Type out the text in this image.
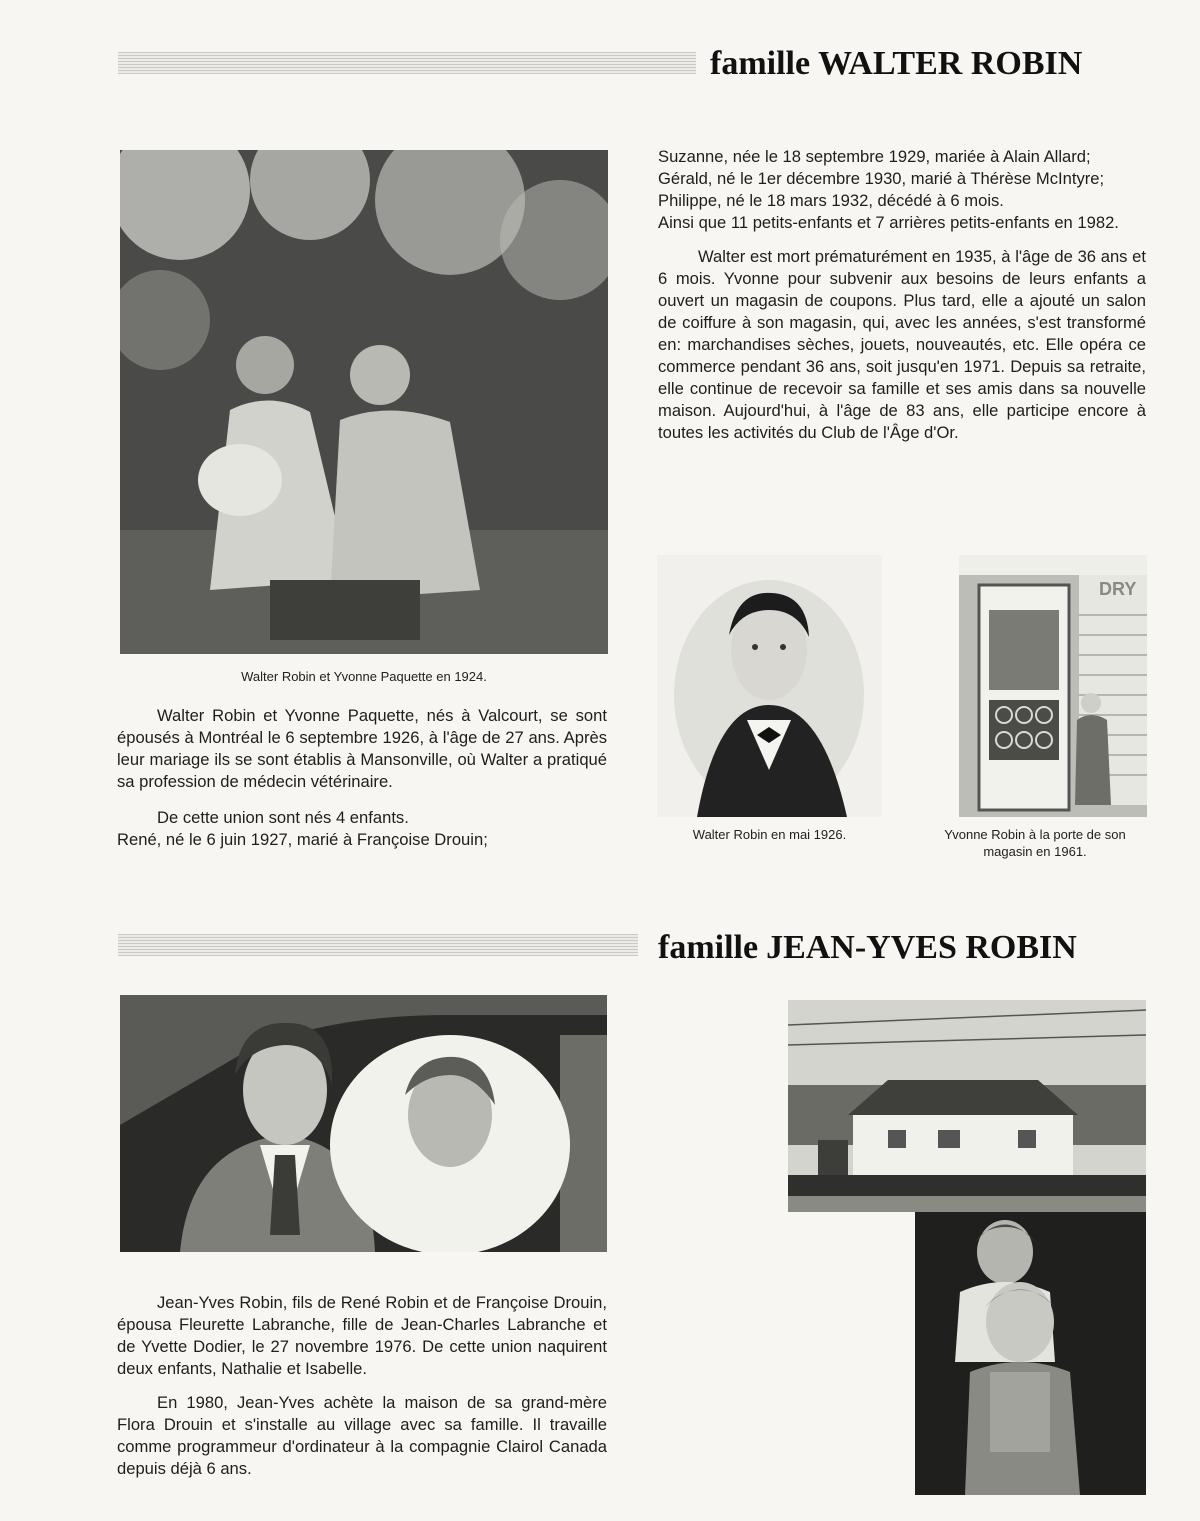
famille WALTER ROBIN

Walter Robin et Yvonne Paquette en 1924.

Walter Robin et Yvonne Paquette, nés à Valcourt, se sont épousés à Montréal le 6 septembre 1926, à l'âge de 27 ans. Après leur mariage ils se sont établis à Mansonville, où Walter a pratiqué sa profession de médecin vétérinaire.

De cette union sont nés 4 enfants.
René, né le 6 juin 1927, marié à Françoise Drouin;

Suzanne, née le 18 septembre 1929, mariée à Alain Allard;
Gérald, né le 1er décembre 1930, marié à Thérèse McIntyre;
Philippe, né le 18 mars 1932, décédé à 6 mois.
Ainsi que 11 petits-enfants et 7 arrières petits-enfants en 1982.

Walter est mort prématurément en 1935, à l'âge de 36 ans et 6 mois. Yvonne pour subvenir aux besoins de leurs enfants a ouvert un magasin de coupons. Plus tard, elle a ajouté un salon de coiffure à son magasin, qui, avec les années, s'est transformé en: marchandises sèches, jouets, nouveautés, etc. Elle opéra ce commerce pendant 36 ans, soit jusqu'en 1971. Depuis sa retraite, elle continue de recevoir sa famille et ses amis dans sa nouvelle maison. Aujourd'hui, à l'âge de 83 ans, elle participe encore à toutes les activités du Club de l'Âge d'Or.

Walter Robin en mai 1926.

DRY

Yvonne Robin à la porte de son magasin en 1961.

famille JEAN-YVES ROBIN

Jean-Yves Robin, fils de René Robin et de Françoise Drouin, épousa Fleurette Labranche, fille de Jean-Charles Labranche et de Yvette Dodier, le 27 novembre 1976. De cette union naquirent deux enfants, Nathalie et Isabelle.

En 1980, Jean-Yves achète la maison de sa grand-mère Flora Drouin et s'installe au village avec sa famille. Il travaille comme programmeur d'ordinateur à la compagnie Clairol Canada depuis déjà 6 ans.
